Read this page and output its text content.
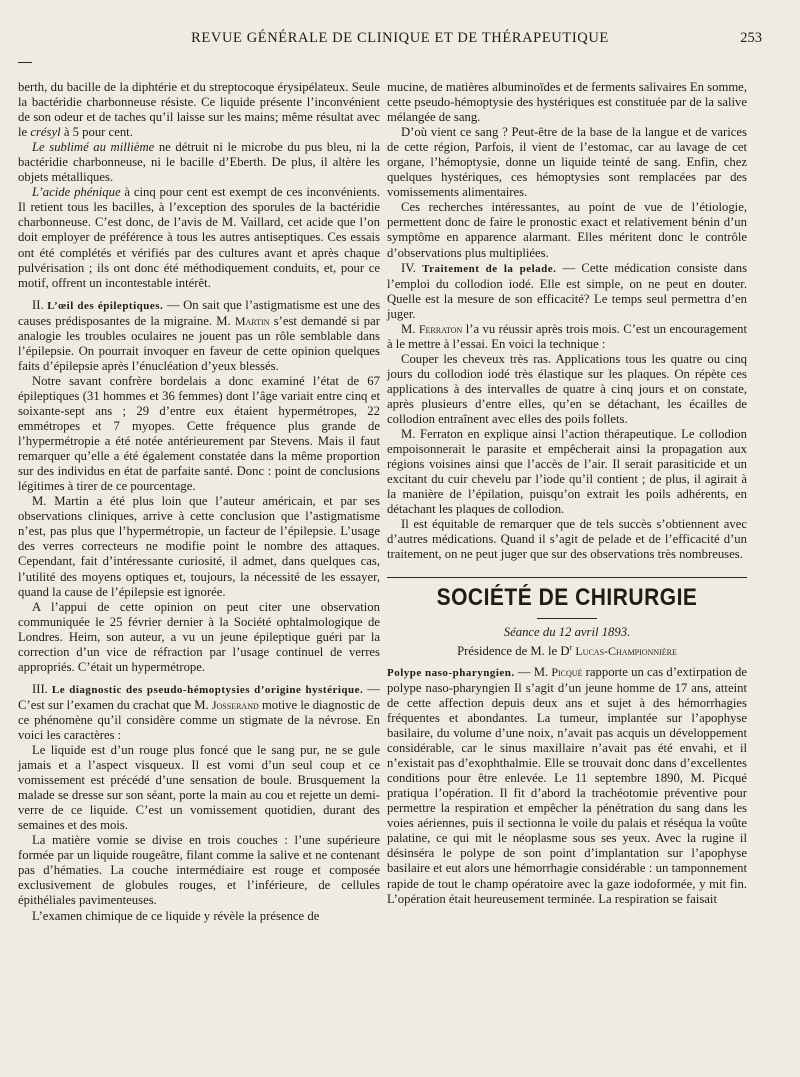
REVUE GÉNÉRALE DE CLINIQUE ET DE THÉRAPEUTIQUE	253

berth, du bacille de la diphtérie et du streptocoque érysipélateux. Seule la bactéridie charbonneuse résiste. Ce liquide présente l’inconvénient de son odeur et de taches qu’il laisse sur les mains; même résultat avec le crésyl à 5 pour cent.

Le sublimé au millième ne détruit ni le microbe du pus bleu, ni la bactéridie charbonneuse, ni le bacille d’Eberth. De plus, il altère les objets métalliques.

L’acide phénique à cinq pour cent est exempt de ces inconvénients. Il retient tous les bacilles, à l’exception des sporules de la bactéridie charbonneuse. C’est donc, de l’avis de M. Vaillard, cet acide que l’on doit employer de préférence à tous les autres antiseptiques. Ces essais ont été complétés et vérifiés par des cultures avant et après chaque pulvérisation ; ils ont donc été méthodiquement conduits, et, pour ce motif, offrent un incontestable intérêt.

II. L’œil des épileptiques. — On sait que l’astigmatisme est une des causes prédisposantes de la migraine. M. Martin s’est demandé si par analogie les troubles oculaires ne jouent pas un rôle semblable dans l’épilepsie. On pourrait invoquer en faveur de cette opinion quelques faits d’épilepsie après l’énucléation d’yeux blessés.

Notre savant confrère bordelais a donc examiné l’état de 67 épileptiques (31 hommes et 36 femmes) dont l’âge variait entre cinq et soixante-sept ans ; 29 d’entre eux étaient hypermétropes, 22 emmétropes et 7 myopes. Cette fréquence plus grande de l’hypermétropie a été notée antérieurement par Stevens. Mais il faut remarquer qu’elle a été également constatée dans la même proportion sur des individus en état de parfaite santé. Donc : point de conclusions légitimes à tirer de ce pourcentage.

M. Martin a été plus loin que l’auteur américain, et par ses observations cliniques, arrive à cette conclusion que l’astigmatisme n’est, pas plus que l’hypermétropie, un facteur de l’épilepsie. L’usage des verres correcteurs ne modifie point le nombre des attaques. Cependant, fait d’intéressante curiosité, il admet, dans quelques cas, l’utilité des moyens optiques et, toujours, la nécessité de les essayer, quand la cause de l’épilepsie est ignorée.

A l’appui de cette opinion on peut citer une observation communiquée le 25 février dernier à la Société ophtalmologique de Londres. Heim, son auteur, a vu un jeune épileptique guéri par la correction d’un vice de réfraction par l’usage continuel de verres appropriés. C’était un hypermétrope.

III. Le diagnostic des pseudo-hémoptysies d’origine hystérique. — C’est sur l’examen du crachat que M. Josserand motive le diagnostic de ce phénomène qu’il considère comme un stigmate de la névrose. En voici les caractères :

Le liquide est d’un rouge plus foncé que le sang pur, ne se gule jamais et a l’aspect visqueux. Il est vomi d’un seul coup et ce vomissement est précédé d’une sensation de boule. Brusquement la malade se dresse sur son séant, porte la main au cou et rejette un demi-verre de ce liquide. C’est un vomissement quotidien, durant des semaines et des mois.

La matière vomie se divise en trois couches : l’une supérieure formée par un liquide rougeâtre, filant comme la salive et ne contenant pas d’hématies. La couche intermédiaire est rouge et composée exclusivement de globules rouges, et l’inférieure, de cellules épithéliales pavimenteuses.

L’examen chimique de ce liquide y révèle la présence de

mucine, de matières albuminoïdes et de ferments salivaires En somme, cette pseudo-hémoptysie des hystériques est constituée par de la salive mélangée de sang.

D’où vient ce sang ? Peut-être de la base de la langue et de varices de cette région, Parfois, il vient de l’estomac, car au lavage de cet organe, l’hémoptysie, donne un liquide teinté de sang. Enfin, chez quelques hystériques, ces hémoptysies sont remplacées par des vomissements alimentaires.

Ces recherches intéressantes, au point de vue de l’étiologie, permettent donc de faire le pronostic exact et relativement bénin d’un symptôme en apparence alarmant. Elles méritent donc le contrôle d’observations plus multipliées.

IV. Traitement de la pelade. — Cette médication consiste dans l’emploi du collodion iodé. Elle est simple, on ne peut en douter. Quelle est la mesure de son efficacité? Le temps seul permettra d’en juger.

M. Ferraton l’a vu réussir après trois mois. C’est un encouragement à le mettre à l’essai. En voici la technique :

Couper les cheveux très ras. Applications tous les quatre ou cinq jours du collodion iodé très élastique sur les plaques. On répète ces applications à des intervalles de quatre à cinq jours et on constate, après plusieurs d’entre elles, qu’en se détachant, les écailles de collodion entraînent avec elles des poils follets.

M. Ferraton en explique ainsi l’action thérapeutique. Le collodion empoisonnerait le parasite et empêcherait ainsi la propagation aux régions voisines ainsi que l’accès de l’air. Il serait parasiticide et un excitant du cuir chevelu par l’iode qu’il contient ; de plus, il agirait à la manière de l’épilation, puisqu’on extrait les poils adhérents, en détachant les plaques de collodion.

Il est équitable de remarquer que de tels succès s’obtiennent avec d’autres médications. Quand il s’agit de pelade et de l’efficacité d’un traitement, on ne peut juger que sur des observations très nombreuses.

SOCIÉTÉ DE CHIRURGIE
Séance du 12 avril 1893.
Présidence de M. le $D^r$ Lucas-Championnière

Polype naso-pharyngien. — M. Picqué rapporte un cas d’extirpation de polype naso-pharyngien Il s’agit d’un jeune homme de 17 ans, atteint de cette affection depuis deux ans et sujet à des hémorrhagies fréquentes et abondantes. La tumeur, implantée sur l’apophyse basilaire, du volume d’une noix, n’avait pas acquis un développement considérable, car le sinus maxillaire n’avait pas été envahi, et il n’existait pas d’exophthalmie. Elle se trouvait donc dans d’excellentes conditions pour être enlevée. Le 11 septembre 1890, M. Picqué pratiqua l’opération. Il fit d’abord la trachéotomie préventive pour permettre la respiration et empêcher la pénétration du sang dans les voies aériennes, puis il sectionna le voile du palais et réséqua la voûte palatine, ce qui mit le néoplasme sous ses yeux. Avec la rugine il désinséra le polype de son point d’implantation sur l’apophyse basilaire et eut alors une hémorrhagie considérable : un tamponnement rapide de tout le champ opératoire avec la gaze iodoformée, y mit fin. L’opération était heureusement terminée. La respiration se faisait
